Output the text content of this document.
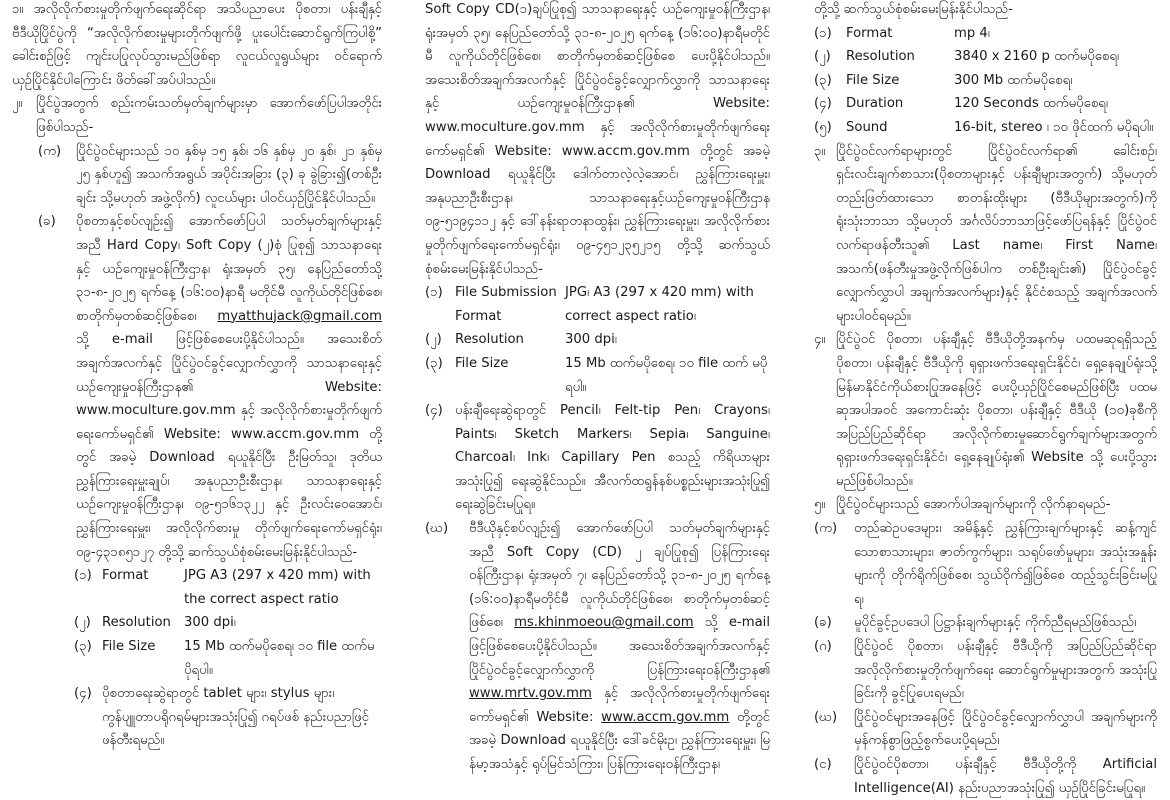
၁။ အလိုလိုက်စားမှုတိုက်ဖျက်ရေးဆိုင်ရာ အသိပညာပေး ပိုစတာ၊ ပန်းချီနှင့် ဗီဒီယိုပြိုင်ပွဲကို “အလိုလိုက်စားမှုများတိုက်ဖျက်ဖို့ ပူးပေါင်းဆောင်ရွက်ကြပါစို့” ခေါင်းစဉ်ဖြင့် ကျင်းပပြုလုပ်သွားမည်ဖြစ်ရာ လူငယ်လူရွယ်များ ဝင်ရောက်ယှဉ်ပြိုင်နိုင်ပါကြောင်း ဖိတ်ခေါ်အပ်ပါသည်။

၂။	ပြိုင်ပွဲအတွက် စည်းကမ်းသတ်မှတ်ချက်များမှာ အောက်ဖော်ပြပါအတိုင်းဖြစ်ပါသည်-
(က)	ပြိုင်ပွဲဝင်များသည် ၁၀ နှစ်မှ ၁၅ နှစ်၊ ၁၆ နှစ်မှ ၂၀ နှစ်၊ ၂၁ နှစ်မှ ၂၅ နှစ်ဟူ၍ အသက်အရွယ် အပိုင်းအခြား (၃) ခု ခွဲခြား၍(တစ်ဦးချင်း သို့မဟုတ် အဖွဲ့လိုက်) လူငယ်များ ပါဝင်ယှဉ်ပြိုင်နိုင်ပါသည်။
(ခ)	ပိုစတာနှင့်စပ်လျဉ်း၍ အောက်ဖော်ပြပါ သတ်မှတ်ချက်များနှင့်အညီ Hard Copy၊ Soft Copy (၂)စုံ ပြုစု၍ သာသနာရေးနှင့် ယဉ်ကျေးမှုဝန်ကြီးဌာန၊ ရုံးအမှတ် ၃၅၊ နေပြည်တော်သို့ ၃၁-၈-၂၀၂၅ ရက်နေ့ (၁၆:၀၀)နာရီ မတိုင်မီ လူကိုယ်တိုင်ဖြစ်စေ၊ စာတိုက်မှတစ်ဆင့်ဖြစ်စေ၊ myatthujack@gmail.com သို့ e-mail ဖြင့်ဖြစ်စေပေးပို့နိုင်ပါသည်။ အသေးစိတ်အချက်အလက်နှင့် ပြိုင်ပွဲဝင်ခွင့်လျှောက်လွှာကို သာသနာရေးနှင့် ယဉ်ကျေးမှုဝန်ကြီးဌာန၏ Website: www.moculture.gov.mm နှင့် အလိုလိုက်စားမှုတိုက်ဖျက်ရေးကော်မရှင်၏ Website: www.accm.gov.mm တို့တွင် အခမဲ့ Download ရယူနိုင်ပြီး ဦးမြတ်သူ၊ ဒုတိယညွှန်ကြားရေးမှူးချုပ်၊ အနုပညာဦးစီးဌာန၊ သာသနာရေးနှင့်ယဉ်ကျေးမှုဝန်ကြီးဌာန၊ ၀၉-၅၁၆၁၃၂၂ နှင့် ဦးလင်းဝေအောင်၊ ညွှန်ကြားရေးမှူး၊ အလိုလိုက်စားမှု တိုက်ဖျက်ရေးကော်မရှင်ရုံး၊ ၀၉-၄၃၁၈၅၁၂၇ တို့သို့ ဆက်သွယ်စုံစမ်းမေးမြန်းနိုင်ပါသည်-
(၁) Format	JPG A3 (297 x 420 mm) with the correct aspect ratio
(၂) Resolution 300 dpi၊
(၃) File Size	15 Mb ထက်မပိုစေရ၊ ၁၀ file ထက်မပိုရပါ။
(၄) ပိုစတာရေးဆွဲရာတွင် tablet များ၊ stylus များ၊ ကွန်ပျူတာပရိုဂရမ်များအသုံးပြု၍ ဂရပ်ဖစ် နည်းပညာဖြင့် ဖန်တီးရမည်။

Soft Copy CD(၁)ချပ်ပြုစု၍ သာသနာရေးနှင့် ယဉ်ကျေးမှုဝန်ကြီးဌာန၊ ရုံးအမှတ် ၃၅၊ နေပြည်တော်သို့ ၃၁-၈-၂၀၂၅ ရက်နေ့ (၁၆:၀၀)နာရီမတိုင်မီ လူကိုယ်တိုင်ဖြစ်စေ၊ စာတိုက်မှတစ်ဆင့်ဖြစ်စေ ပေးပို့နိုင်ပါသည်။ အသေးစိတ်အချက်အလက်နှင့် ပြိုင်ပွဲဝင်ခွင့်လျှောက်လွှာကို သာသနာရေးနှင့် ယဉ်ကျေးမှုဝန်ကြီးဌာန၏ Website: www.moculture.gov.mm နှင့် အလိုလိုက်စားမှုတိုက်ဖျက်ရေးကော်မရှင်၏ Website: www.accm.gov.mm တို့တွင် အခမဲ့ Download ရယူနိုင်ပြီး ဒေါက်တာလဲ့လဲ့အောင်၊ ညွှန်ကြားရေးမှူး၊ အနုပညာဦးစီးဌာန၊ သာသနာရေးနှင့်ယဉ်ကျေးမှုဝန်ကြီးဌာန ၀၉-၅၁၉၄၁၁၂ နှင့် ဒေါ်နန်းရာတနာထွန်း၊ ညွှန်ကြားရေးမှူး၊ အလိုလိုက်စားမှုတိုက်ဖျက်ရေးကော်မရှင်ရုံး၊ ၀၉-၄၅၁၂၃၅၂၁၅ တို့သို့ ဆက်သွယ်စုံစမ်းမေးမြန်းနိုင်ပါသည်-

(၁) File Submission Format
JPG၊ A3 (297 x 420 mm) with correct aspect ratio၊
(၂)	Resolution	300 dpi၊
(၃) File Size	15 Mb ထက်မပိုစေရ၊ ၁၀ file ထက် မပိုရပါ။
(၄) ပန်းချီရေးဆွဲရာတွင် Pencil၊ Felt-tip Pen၊ Crayons၊ Paints၊ Sketch Markers၊ Sepia၊ Sanguine၊ Charcoal၊ Ink၊ Capillary Pen စသည့် ကိရိယာများအသုံးပြု၍ ရေးဆွဲနိုင်သည်။ အီလက်ထရွန်နစ်ပစ္စည်းများအသုံးပြု၍ ရေးဆွဲခြင်းမပြုရ။
(ဃ)	ဗီဒီယိုနှင့်စပ်လျဉ်း၍ အောက်ဖော်ပြပါ သတ်မှတ်ချက်များနှင့်အညီ Soft Copy (CD) ၂ ချပ်ပြုစု၍ ပြန်ကြားရေးဝန်ကြီးဌာန၊ ရုံးအမှတ် ၇၊ နေပြည်တော်သို့ ၃၁-၈-၂၀၂၅ ရက်နေ့ (၁၆:၀၀)နာရီမတိုင်မီ လူကိုယ်တိုင်ဖြစ်စေ၊ စာတိုက်မှတစ်ဆင့်ဖြစ်စေ၊ ms.khinmoeou@gmail.com သို့ e-mail ဖြင့်ဖြစ်စေပေးပို့နိုင်ပါသည်။ အသေးစိတ်အချက်အလက်နှင့် ပြိုင်ပွဲဝင်ခွင့်လျှောက်လွှာကို ပြန်ကြားရေးဝန်ကြီးဌာန၏ www.mrtv.gov.mm နှင့် အလိုလိုက်စားမှုတိုက်ဖျက်ရေးကော်မရှင်၏ Website: www.accm.gov.mm တို့တွင် အခမဲ့ Download ရယူနိုင်ပြီး ဒေါ်ခင်မိုးဥ၊ ညွှန်ကြားရေးမှူး၊ မြန်မာ့အသံနှင့် ရုပ်မြင်သံကြား၊ ပြန်ကြားရေးဝန်ကြီးဌာန၊

တို့သို့ ဆက်သွယ်စုံစမ်းမေးမြန်းနိုင်ပါသည်-

(၁)	Format	mp 4၊
(၂)	Resolution	3840 x 2160 p ထက်မပိုစေရ၊
(၃)	File Size	300 Mb ထက်မပိုစေရ၊
(၄)	Duration	120 Seconds ထက်မပိုစေရ၊
(၅)	Sound	16-bit, stereo ၊ ၁၀ ဖိုင်ထက် မပိုရပါ။
၃။ ပြိုင်ပွဲဝင်လက်ရာများတွင် ပြိုင်ပွဲဝင်လက်ရာ၏ ခေါင်းစဉ်၊ ရှင်းလင်းချက်စာသား(ပိုစတာများနှင့် ပန်းချီများအတွက်) သို့မဟုတ် တည်းဖြတ်ထားသော စာတန်းထိုးများ (ဗီဒီယိုများအတွက်)ကို ရုံးသုံးဘာသာ သို့မဟုတ် အင်္ဂလိပ်ဘာသာဖြင့်ဖော်ပြရန်နှင့် ပြိုင်ပွဲဝင်လက်ရာဖန်တီးသူ၏ Last name၊ First Name၊ အသက်(ဖန်တီးမှုအဖွဲ့လိုက်ဖြစ်ပါက တစ်ဦးချင်း၏) ပြိုင်ပွဲဝင်ခွင့်လျှောက်လွှာပါ အချက်အလက်များ)နှင့် နိုင်ငံစသည့် အချက်အလက်များပါဝင်ရမည်။
၄။ ပြိုင်ပွဲဝင် ပိုစတာ၊ ပန်းချီနှင့် ဗီဒီယိုတို့အနက်မှ ပထမဆုရရှိသည့် ပိုစတာ၊ ပန်းချီနှင့် ဗီဒီယိုကို ရုရှားဖက်ဒရေးရှင်းနိုင်ငံ၊ ရှေ့နေချုပ်ရုံးသို့ မြန်မာနိုင်ငံကိုယ်စားပြုအနေဖြင့် ပေးပို့ယှဉ်ပြိုင်စေမည်ဖြစ်ပြီး ပထမဆုအပါအဝင် အကောင်းဆုံး ပိုစတာ၊ ပန်းချီနှင့် ဗီဒီယို (၁၀)ခုစီကို အပြည်ပြည်ဆိုင်ရာ အလိုလိုက်စားမှုဆောင်ရွက်ချက်များအတွက် ရုရှားဖက်ဒရေးရှင်းနိုင်ငံ၊ ရှေ့နေချုပ်ရုံး၏ Website သို့ ပေးပို့သွားမည်ဖြစ်ပါသည်။
၅။ ပြိုင်ပွဲဝင်များသည် အောက်ပါအချက်များကို လိုက်နာရမည်-
(က)	တည်ဆဲဥပဒေများ၊ အမိန့်နှင့် ညွှန်ကြားချက်များနှင့် ဆန့်ကျင်သောစာသားများ၊ ဇာတ်ကွက်များ၊ သရုပ်ဖော်မှုများ၊ အသုံးအနှုန်းများကို တိုက်ရိုက်ဖြစ်စေ၊ သွယ်ဝိုက်၍ဖြစ်စေ ထည့်သွင်းခြင်းမပြုရ၊
(ခ)	မူပိုင်ခွင့်ဥပဒေပါ ပြဋ္ဌာန်းချက်များနှင့် ကိုက်ညီရမည်ဖြစ်သည်၊
(ဂ)	ပြိုင်ပွဲဝင် ပိုစတာ၊ ပန်းချီနှင့် ဗီဒီယိုကို အပြည်ပြည်ဆိုင်ရာ အလိုလိုက်စားမှုတိုက်ဖျက်ရေး ဆောင်ရွက်မှုများအတွက် အသုံးပြုခြင်းကို ခွင့်ပြုပေးရမည်၊
(ဃ)	ပြိုင်ပွဲဝင်များအနေဖြင့် ပြိုင်ပွဲဝင်ခွင့်လျှောက်လွှာပါ အချက်များကို မှန်ကန်စွာဖြည့်စွက်ပေးပို့ရမည်၊
(င)	ပြိုင်ပွဲဝင်ပိုစတာ၊ ပန်းချီနှင့် ဗီဒီယိုတို့ကို Artificial Intelligence(AI) နည်းပညာအသုံးပြု၍ ယှဉ်ပြိုင်ခြင်းမပြုရ။
